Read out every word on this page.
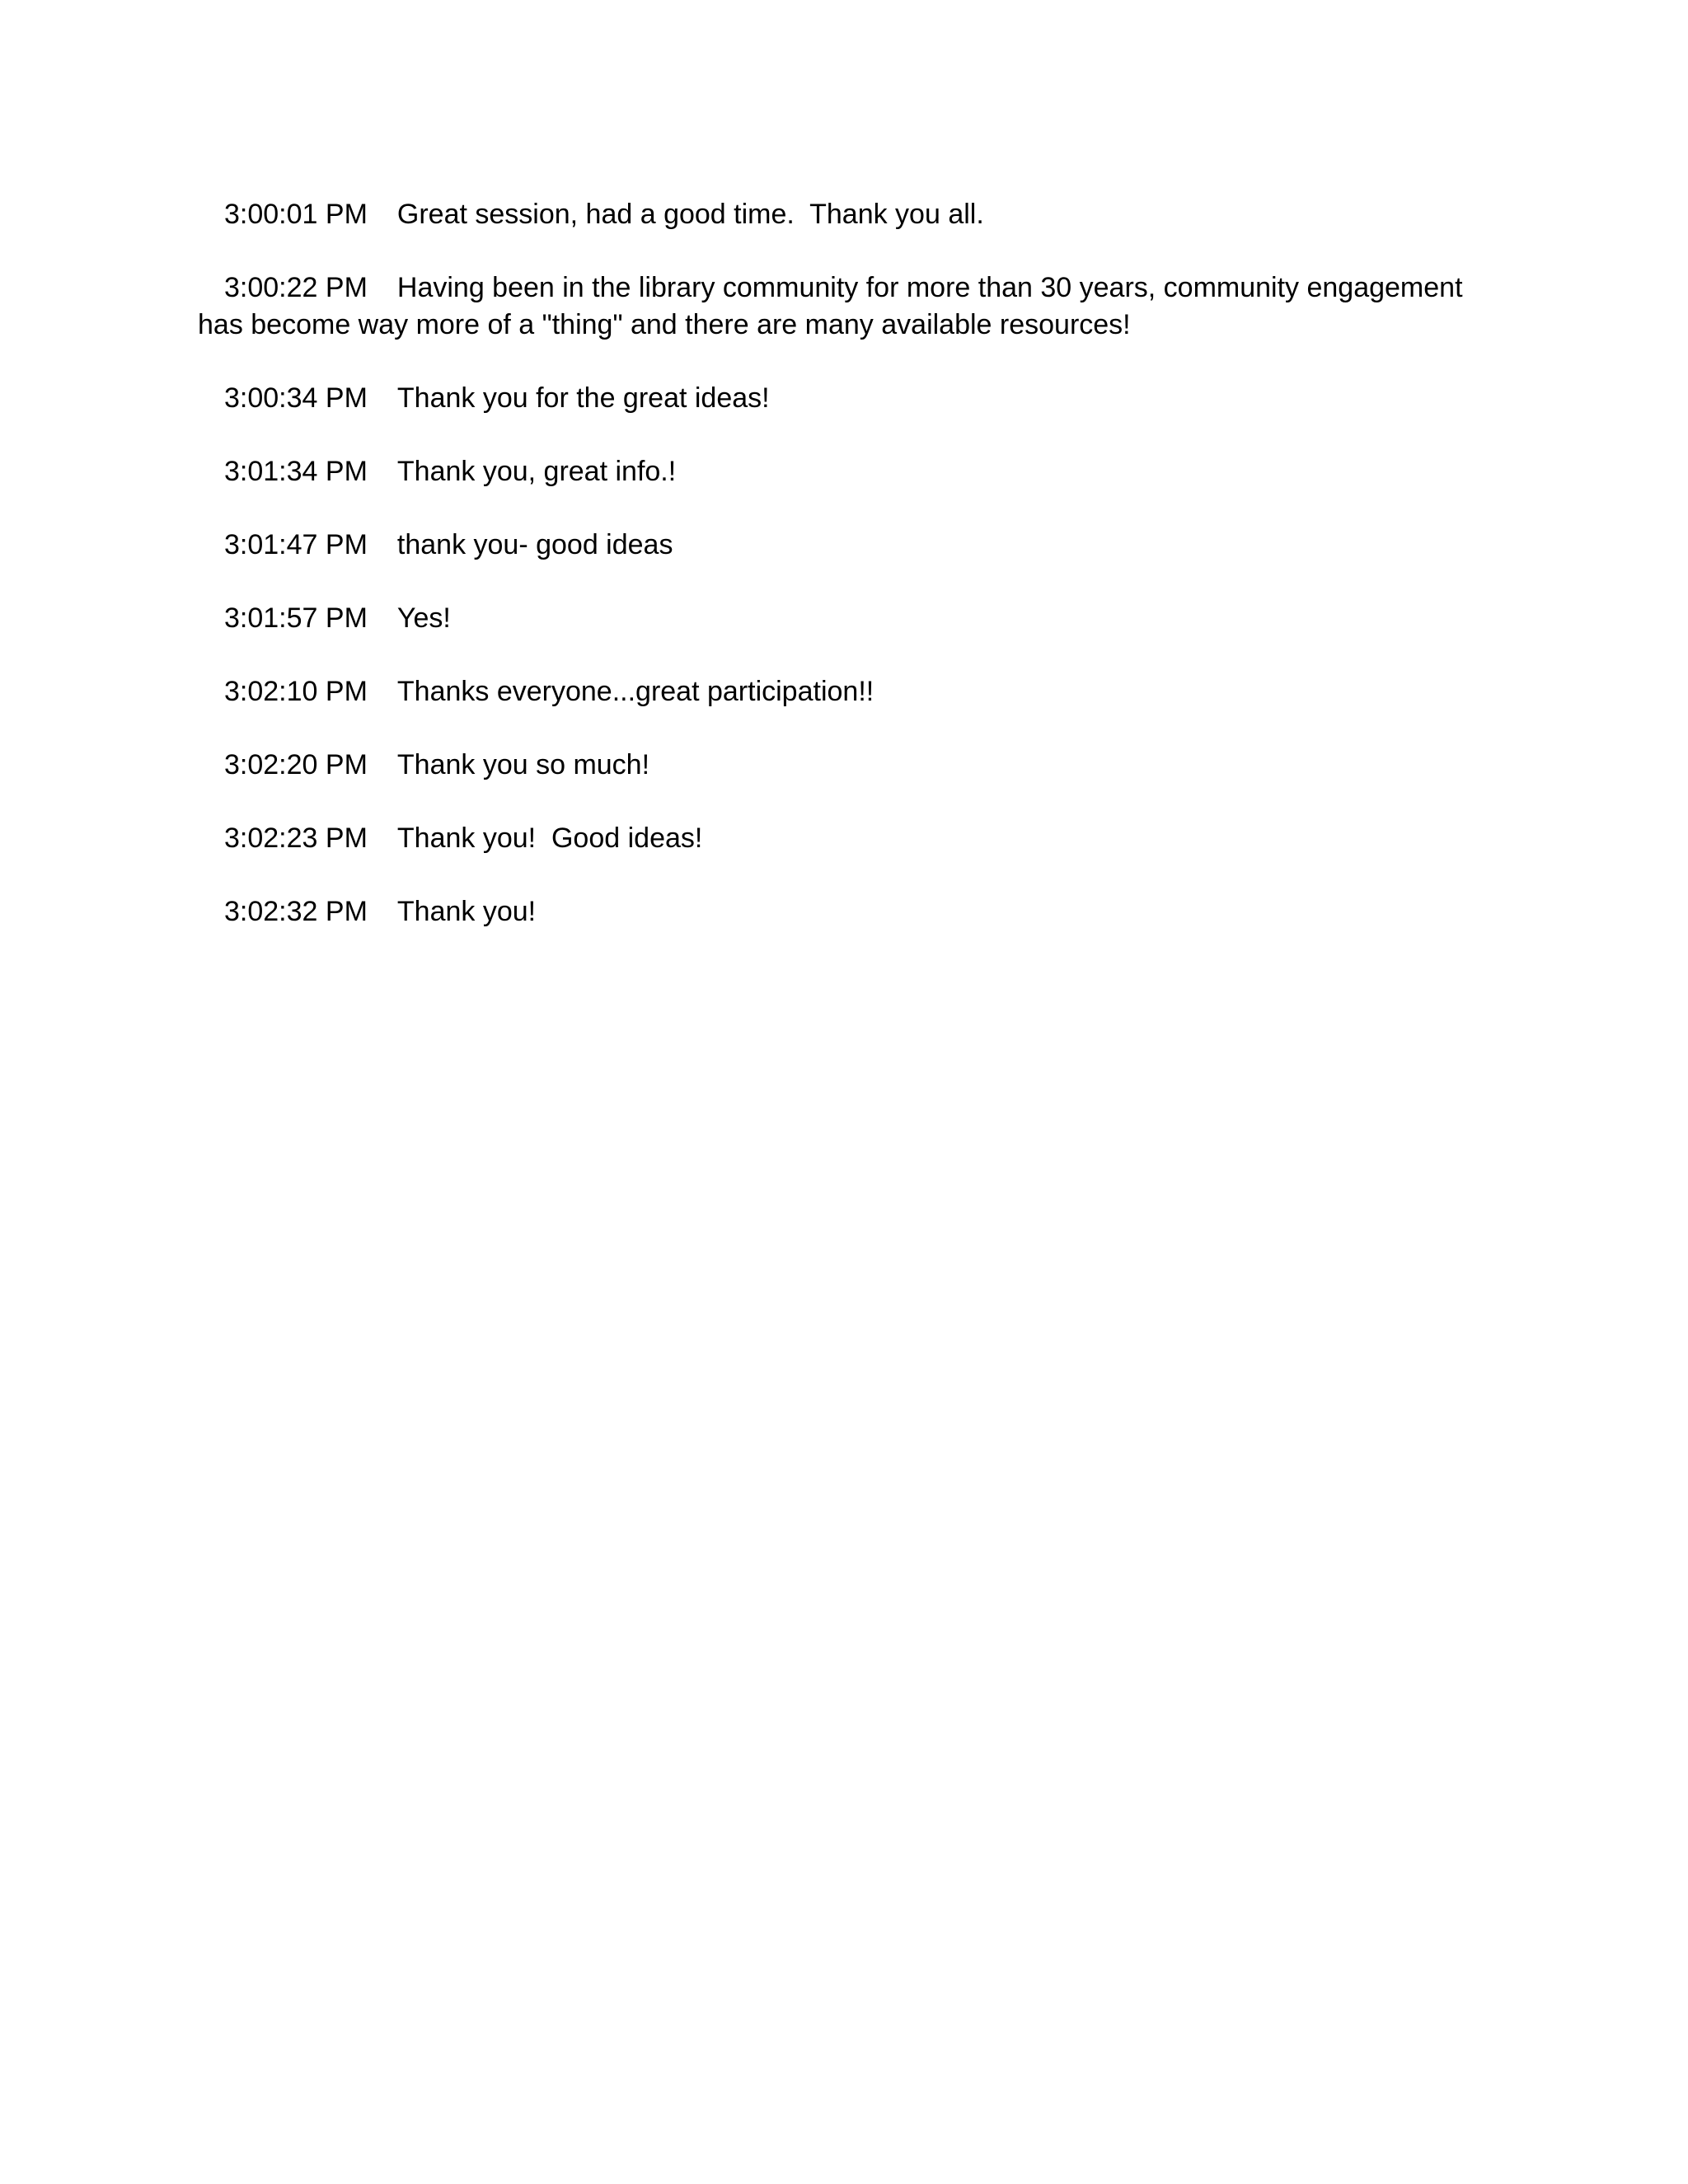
3:00:01 PM Great session, had a good time.  Thank you all.

3:00:22 PM Having been in the library community for more than 30 years, community engagement has become way more of a "thing" and there are many available resources!

3:00:34 PM Thank you for the great ideas!

3:01:34 PM Thank you, great info.!

3:01:47 PM thank you- good ideas

3:01:57 PM Yes!

3:02:10 PM Thanks everyone...great participation!!

3:02:20 PM Thank you so much!

3:02:23 PM Thank you!  Good ideas!

3:02:32 PM Thank you!
